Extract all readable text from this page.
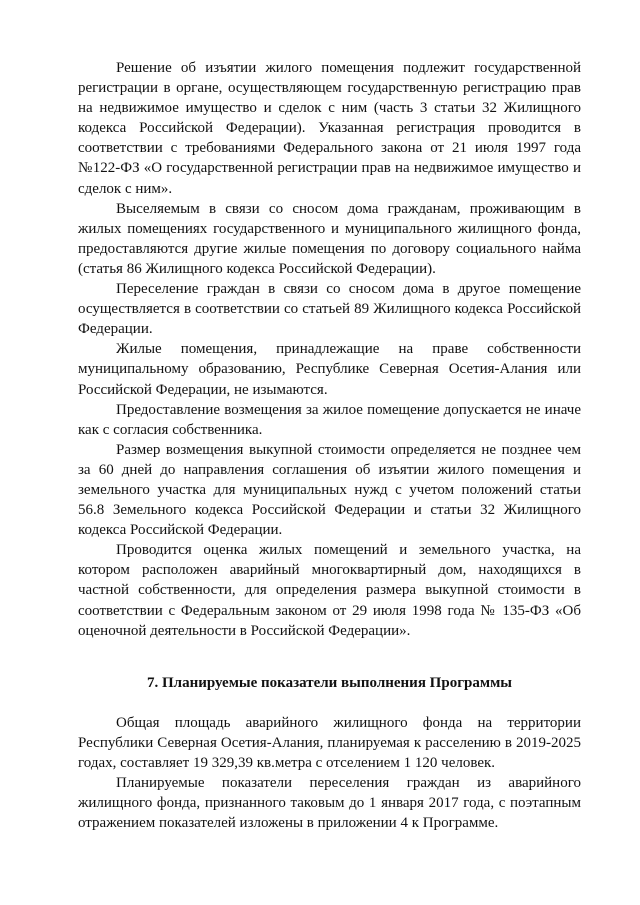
Решение об изъятии жилого помещения подлежит государственной регистрации в органе, осуществляющем государственную регистрацию прав на недвижимое имущество и сделок с ним (часть 3 статьи 32 Жилищного кодекса Российской Федерации). Указанная регистрация проводится в соответствии с требованиями Федерального закона от 21 июля 1997 года №122-ФЗ «О государственной регистрации прав на недвижимое имущество и сделок с ним».

Выселяемым в связи со сносом дома гражданам, проживающим в жилых помещениях государственного и муниципального жилищного фонда, предоставляются другие жилые помещения по договору социального найма (статья 86 Жилищного кодекса Российской Федерации).

Переселение граждан в связи со сносом дома в другое помещение осуществляется в соответствии со статьей 89 Жилищного кодекса Российской Федерации.

Жилые помещения, принадлежащие на праве собственности муниципальному образованию, Республике Северная Осетия-Алания или Российской Федерации, не изымаются.

Предоставление возмещения за жилое помещение допускается не иначе как с согласия собственника.

Размер возмещения выкупной стоимости определяется не позднее чем за 60 дней до направления соглашения об изъятии жилого помещения и земельного участка для муниципальных нужд с учетом положений статьи 56.8 Земельного кодекса Российской Федерации и статьи 32 Жилищного кодекса Российской Федерации.

Проводится оценка жилых помещений и земельного участка, на котором расположен аварийный многоквартирный дом, находящихся в частной собственности, для определения размера выкупной стоимости в соответствии с Федеральным законом от 29 июля 1998 года № 135-ФЗ «Об оценочной деятельности в Российской Федерации».

7. Планируемые показатели выполнения Программы

Общая площадь аварийного жилищного фонда на территории Республики Северная Осетия-Алания, планируемая к расселению в 2019-2025 годах, составляет 19 329,39 кв.метра с отселением 1 120 человек.

Планируемые показатели переселения граждан из аварийного жилищного фонда, признанного таковым до 1 января 2017 года, с поэтапным отражением показателей изложены в приложении 4 к Программе.
